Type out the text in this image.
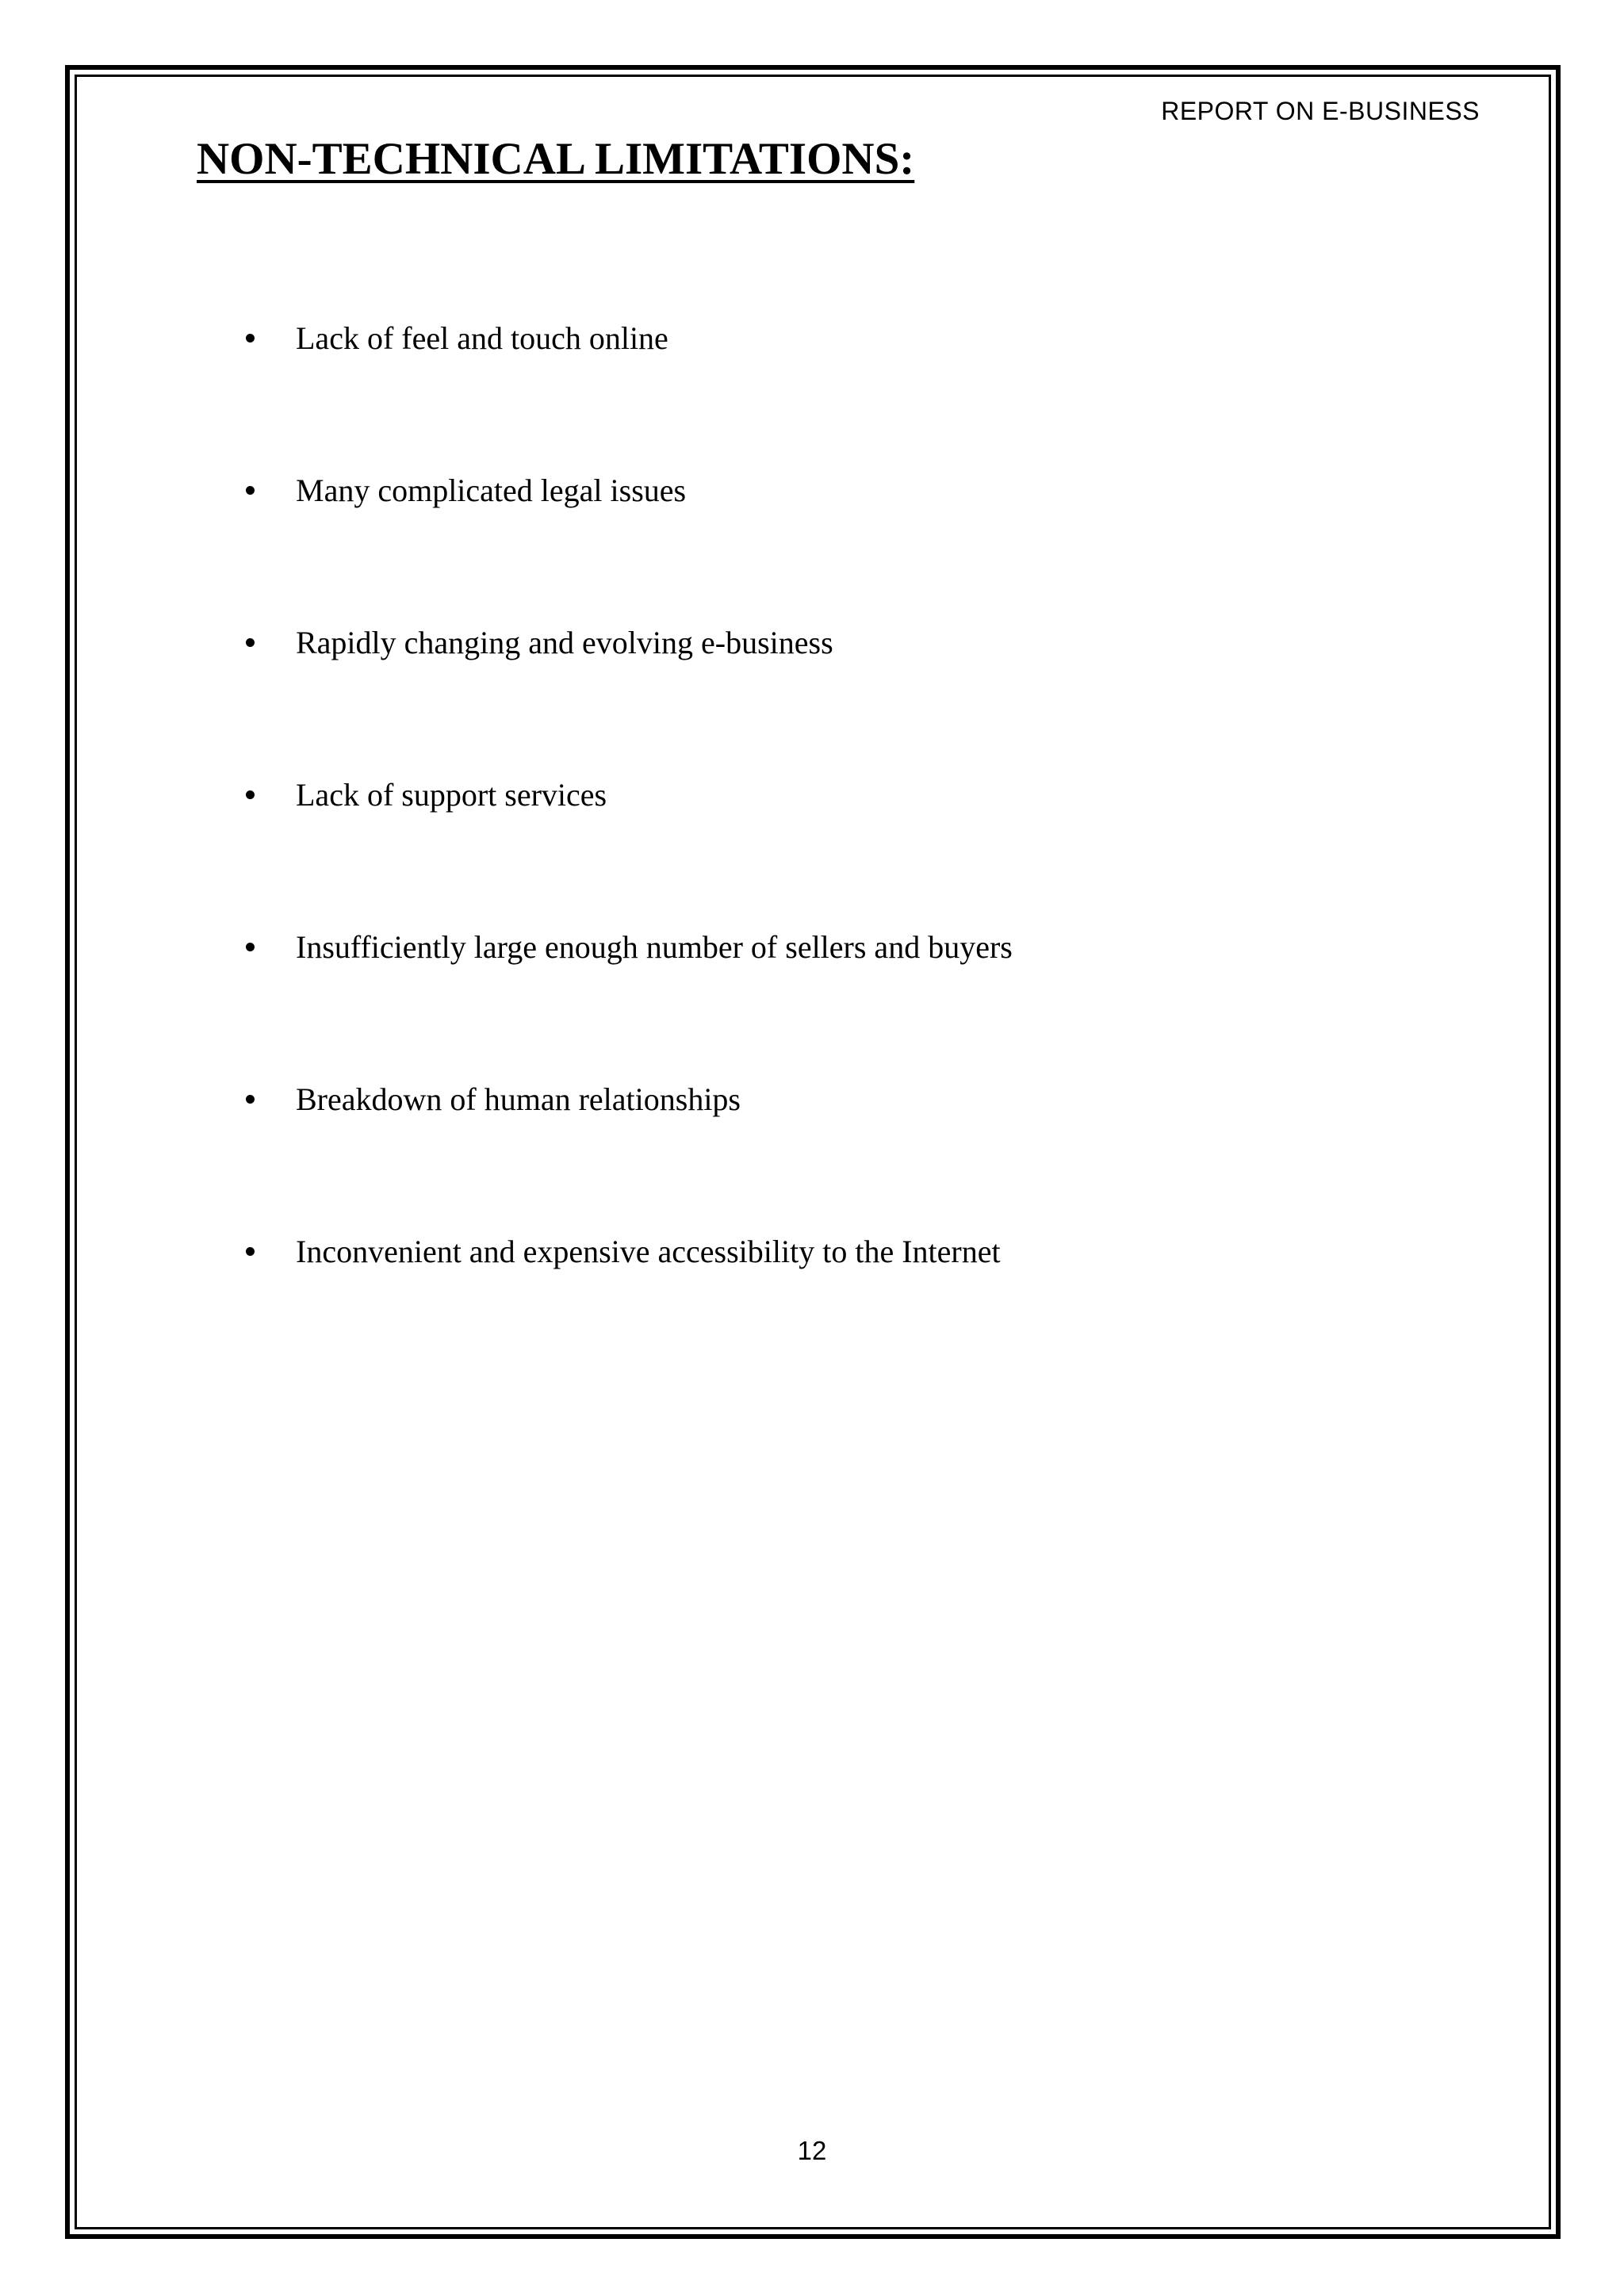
REPORT ON E-BUSINESS
NON-TECHNICAL LIMITATIONS:
Lack of feel and touch online
Many complicated legal issues
Rapidly changing and evolving e-business
Lack of support services
Insufficiently large enough number of sellers and buyers
Breakdown of human relationships
Inconvenient and expensive accessibility to the Internet
12
